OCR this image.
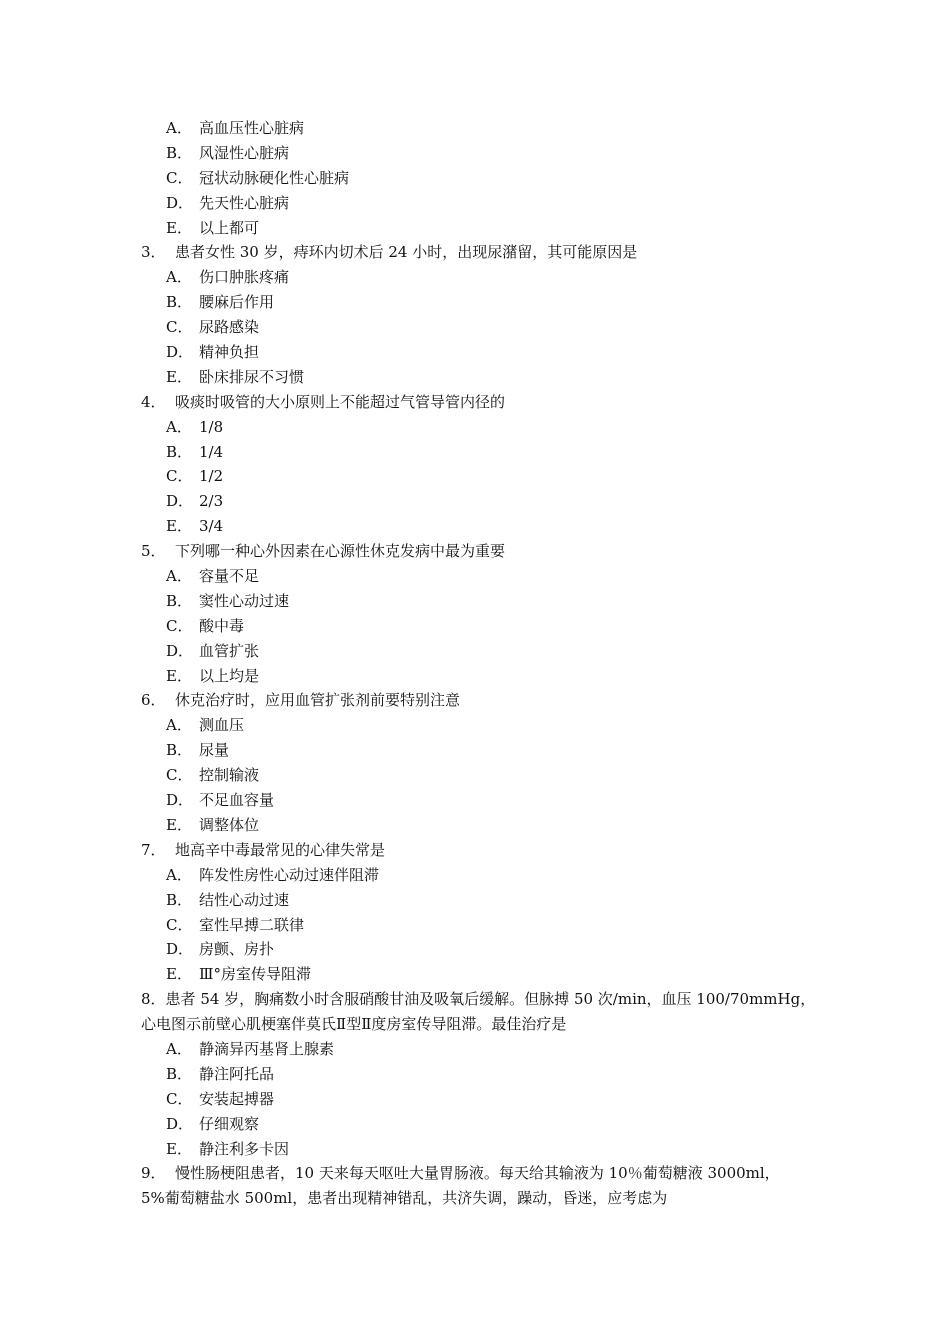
A． 高血压性心脏病
B． 风湿性心脏病
C． 冠状动脉硬化性心脏病
D． 先天性心脏病
E． 以上都可
3． 患者女性 30 岁，痔环内切术后 24 小时，出现尿潴留，其可能原因是
A． 伤口肿胀疼痛
B． 腰麻后作用
C． 尿路感染
D． 精神负担
E． 卧床排尿不习惯
4． 吸痰时吸管的大小原则上不能超过气管导管内径的
A． 1/8
B． 1/4
C． 1/2
D． 2/3
E． 3/4
5． 下列哪一种心外因素在心源性休克发病中最为重要
A． 容量不足
B． 窦性心动过速
C． 酸中毒
D． 血管扩张
E． 以上均是
6． 休克治疗时，应用血管扩张剂前要特别注意
A． 测血压
B． 尿量
C． 控制输液
D． 不足血容量
E． 调整体位
7． 地高辛中毒最常见的心律失常是
A． 阵发性房性心动过速伴阻滞
B． 结性心动过速
C． 室性早搏二联律
D． 房颤、房扑
E． Ⅲ°房室传导阻滞
8．患者 54 岁，胸痛数小时含服硝酸甘油及吸氧后缓解。但脉搏 50 次/min，血压 100/70mmHg，
心电图示前壁心肌梗塞伴莫氏Ⅱ型Ⅱ度房室传导阻滞。最佳治疗是
A． 静滴异丙基肾上腺素
B． 静注阿托品
C． 安装起搏器
D． 仔细观察
E． 静注利多卡因
9． 慢性肠梗阻患者，10 天来每天呕吐大量胃肠液。每天给其输液为 10％葡萄糖液 3000ml，
5%葡萄糖盐水 500ml，患者出现精神错乱，共济失调，躁动，昏迷，应考虑为
